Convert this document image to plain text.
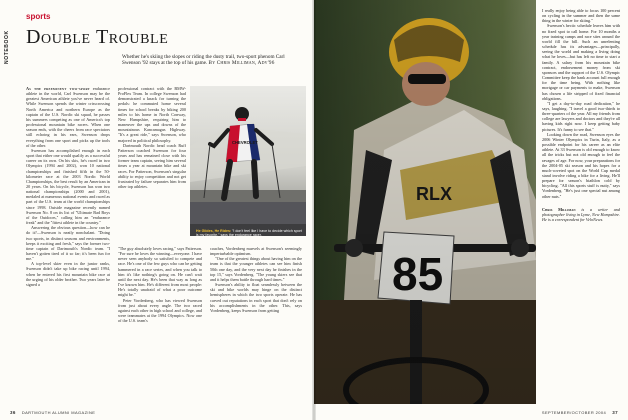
NOTEBOOK
sports
Double Trouble
Whether he's skiing the slopes or riding the dusty trail, two-sport phenom Carl Swenson '92 stays at the top of his game. By Chris Milliman, Adv'96

As the preeminent two-sport endurance athlete in the world, Carl Swenson may be the greatest American athlete you've never heard of. While Swenson spends the winter crisscrossing North America and northern Europe as the captain of the U.S. Nordic ski squad, he passes his summers competing as one of America's top professional mountain bike racers. When one season ends, with the cheers from race spectators still echoing in his ears, Swenson drops everything from one sport and picks up the tools of the other.

Swenson has accomplished enough in each sport that either one would qualify as a successful career on its own. On his skis, he's raced in two Olympics (1994 and 2002), won 10 national championships and finished fifth in the 50-kilometer race at the 2003 Nordic World Championships, the best result by an American in 20 years. On his bicycle, Swenson has won two national championships (2000 and 2001), medaled at numerous national events and raced as part of the U.S. team at the world championships since 1998. Outside magazine recently named Swenson No. 8 on its list of "Ultimate Bad Boys of the Outdoors," calling him an "endurance freak" and the "fittest athlete in the country."

Answering the obvious question—how can he do it?—Swenson is neatly nonchalant. "Doing two sports, in distinct seasons and environments, keeps it exciting and fresh," says the former two-time captain of Dartmouth's Nordic team. "I haven't gotten tired of it so far; it's been fun for me."

A top-level skier even in the junior ranks, Swenson didn't take up bike racing until 1994, when he entered his first mountain bike race at the urging of his older brother. Two years later he signed a

professional contract with the BMW-ProFlex Team. In college Swenson had demonstrated a knack for turning the pedals: he commuted home several times for school breaks by biking 200 miles to his home in North Conway, New Hampshire, requiring him to maneuver the ups and downs of the mountainous Kancamagus Highway. "It's a great ride," says Swenson, who majored in political philosophy.

Dartmouth Nordic head coach Ruff Patterson coached Swenson for four years and has remained close with his former team captain, seeing him several times a year at mountain bike and ski races. For Patterson, Swenson's singular ability to enjoy competition and not get frustrated by failure separates him from other top athletes.

CHEVROLET
He Glides, He Rides: "I don't feel like I have to decide which sport is my favorite," says the endurance racer.

"The guy absolutely loves racing," says Patterson. "For sure he loves the winning—everyone. I have never seen anybody so satisfied to compete and race. He's one of the few guys who can be getting hammered in a race series, and when you talk to him it's like nothing's going on. He can't wait until the next day. He's been that way as long as I've known him. He's different from most people: He's totally unafraid of what a poor outcome might be."

Peter Vordenberg, who has viewed Swenson from just about every angle. The two raced against each other in high school and college, and were teammates at the 1994 Olympics. Now one of the U.S. team's

coaches, Vordenberg marvels at Swenson's seemingly imperturbable optimism.

"One of the greatest things about having him on the team is that the younger athletes can see him finish 50th one day, and the very next day he finishes in the top 15," says Vordenberg. "The young skiers see that and it helps them battle through hard times."

Swenson's ability to float seamlessly between the ski and bike worlds may hinge on the distinct hemispheres in which the two sports operate. He has carved out reputations in each sport that don't rely on his accomplishments in the other. This, says Vordenberg, keeps Swenson from getting

36 DARTMOUTH ALUMNI MAGAZINE

I really enjoy being able to focus 100 percent on cycling in the summer and then the same thing in the winter for skiing."

Swenson's hectic schedule leaves him with no fixed spot to call home. For 10 months a year training camps and race sites around the world fill the bill. Such an unrelenting schedule has its advantages—principally, seeing the world and making a living doing what he loves—but has left no time to start a family. A salary from his mountain bike contract, endorsement money from ski sponsors and the support of the U.S. Olympic Committee keep the bank account full enough for the time being. With nothing like mortgage or car payments to make, Swenson has chosen a life stripped of fixed financial obligations.

"I get a day-to-day road dedication," he says, laughing. "I travel a good two-thirds to three-quarters of the year. All my friends from college are lawyers and doctors and they're all having kids right now. I keep getting baby pictures. It's funny to see that."

Looking down the road, Swenson eyes the 2006 Winter Olympics in Turin, Italy, as a possible endpoint for his career as an elite athlete. At 33 Swenson is old enough to know all the tricks but not old enough to feel the ravages of age. For now, your preparations for the 2004-05 ski season and his hopes for a much-coveted spot on the World Cup medal stand involve riding a bike for a living. He'll prepare for season's biathlon cold by bicycling. "All this sports stuff is nutty," says Vordenberg. "He's just one special nut among other nuts."

Chris Milliman is a writer and photographer living in Lyme, New Hampshire. He is a correspondent for VeloNews.

SEPTEMBER/OCTOBER 2004 37
